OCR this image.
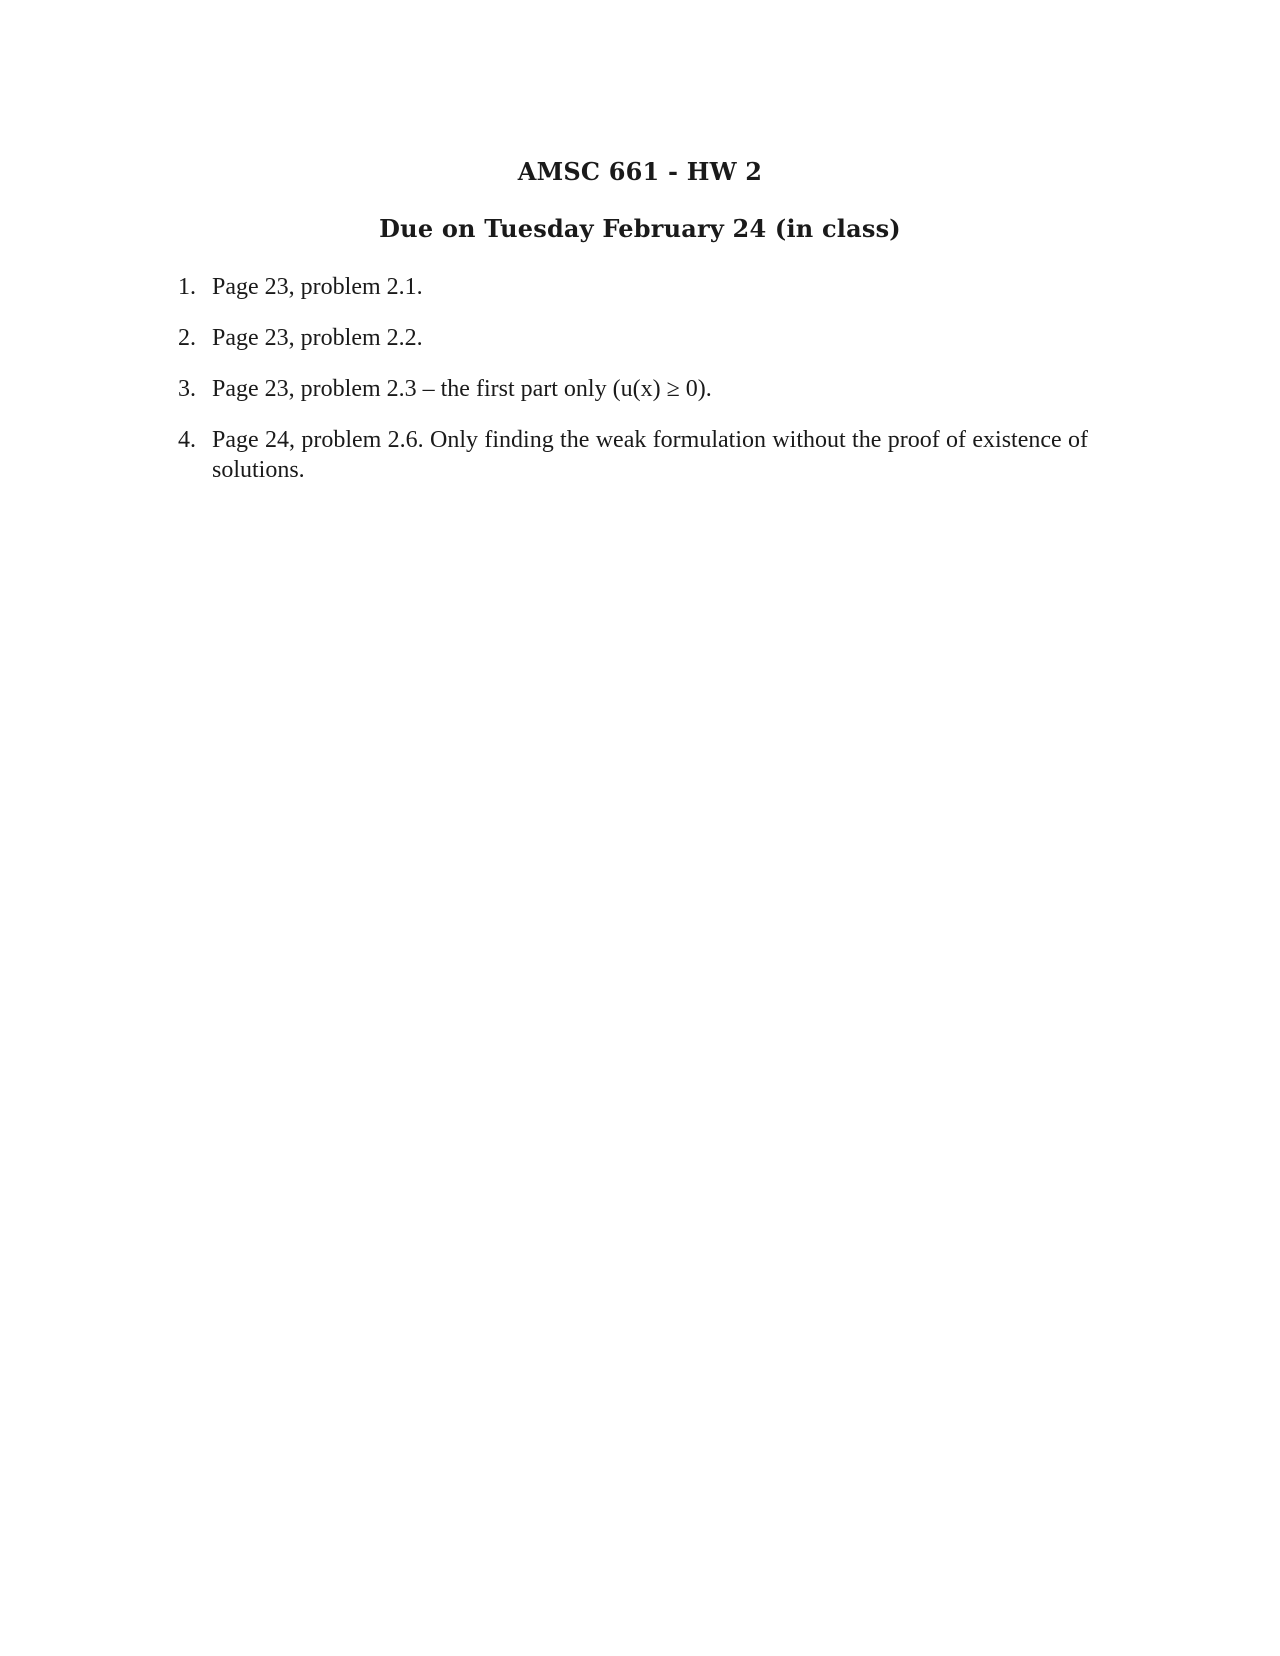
AMSC 661 - HW 2
Due on Tuesday February 24 (in class)
1. Page 23, problem 2.1.
2. Page 23, problem 2.2.
3. Page 23, problem 2.3 – the first part only (u(x) ≥ 0).
4. Page 24, problem 2.6. Only finding the weak formulation without the proof of existence of solutions.
